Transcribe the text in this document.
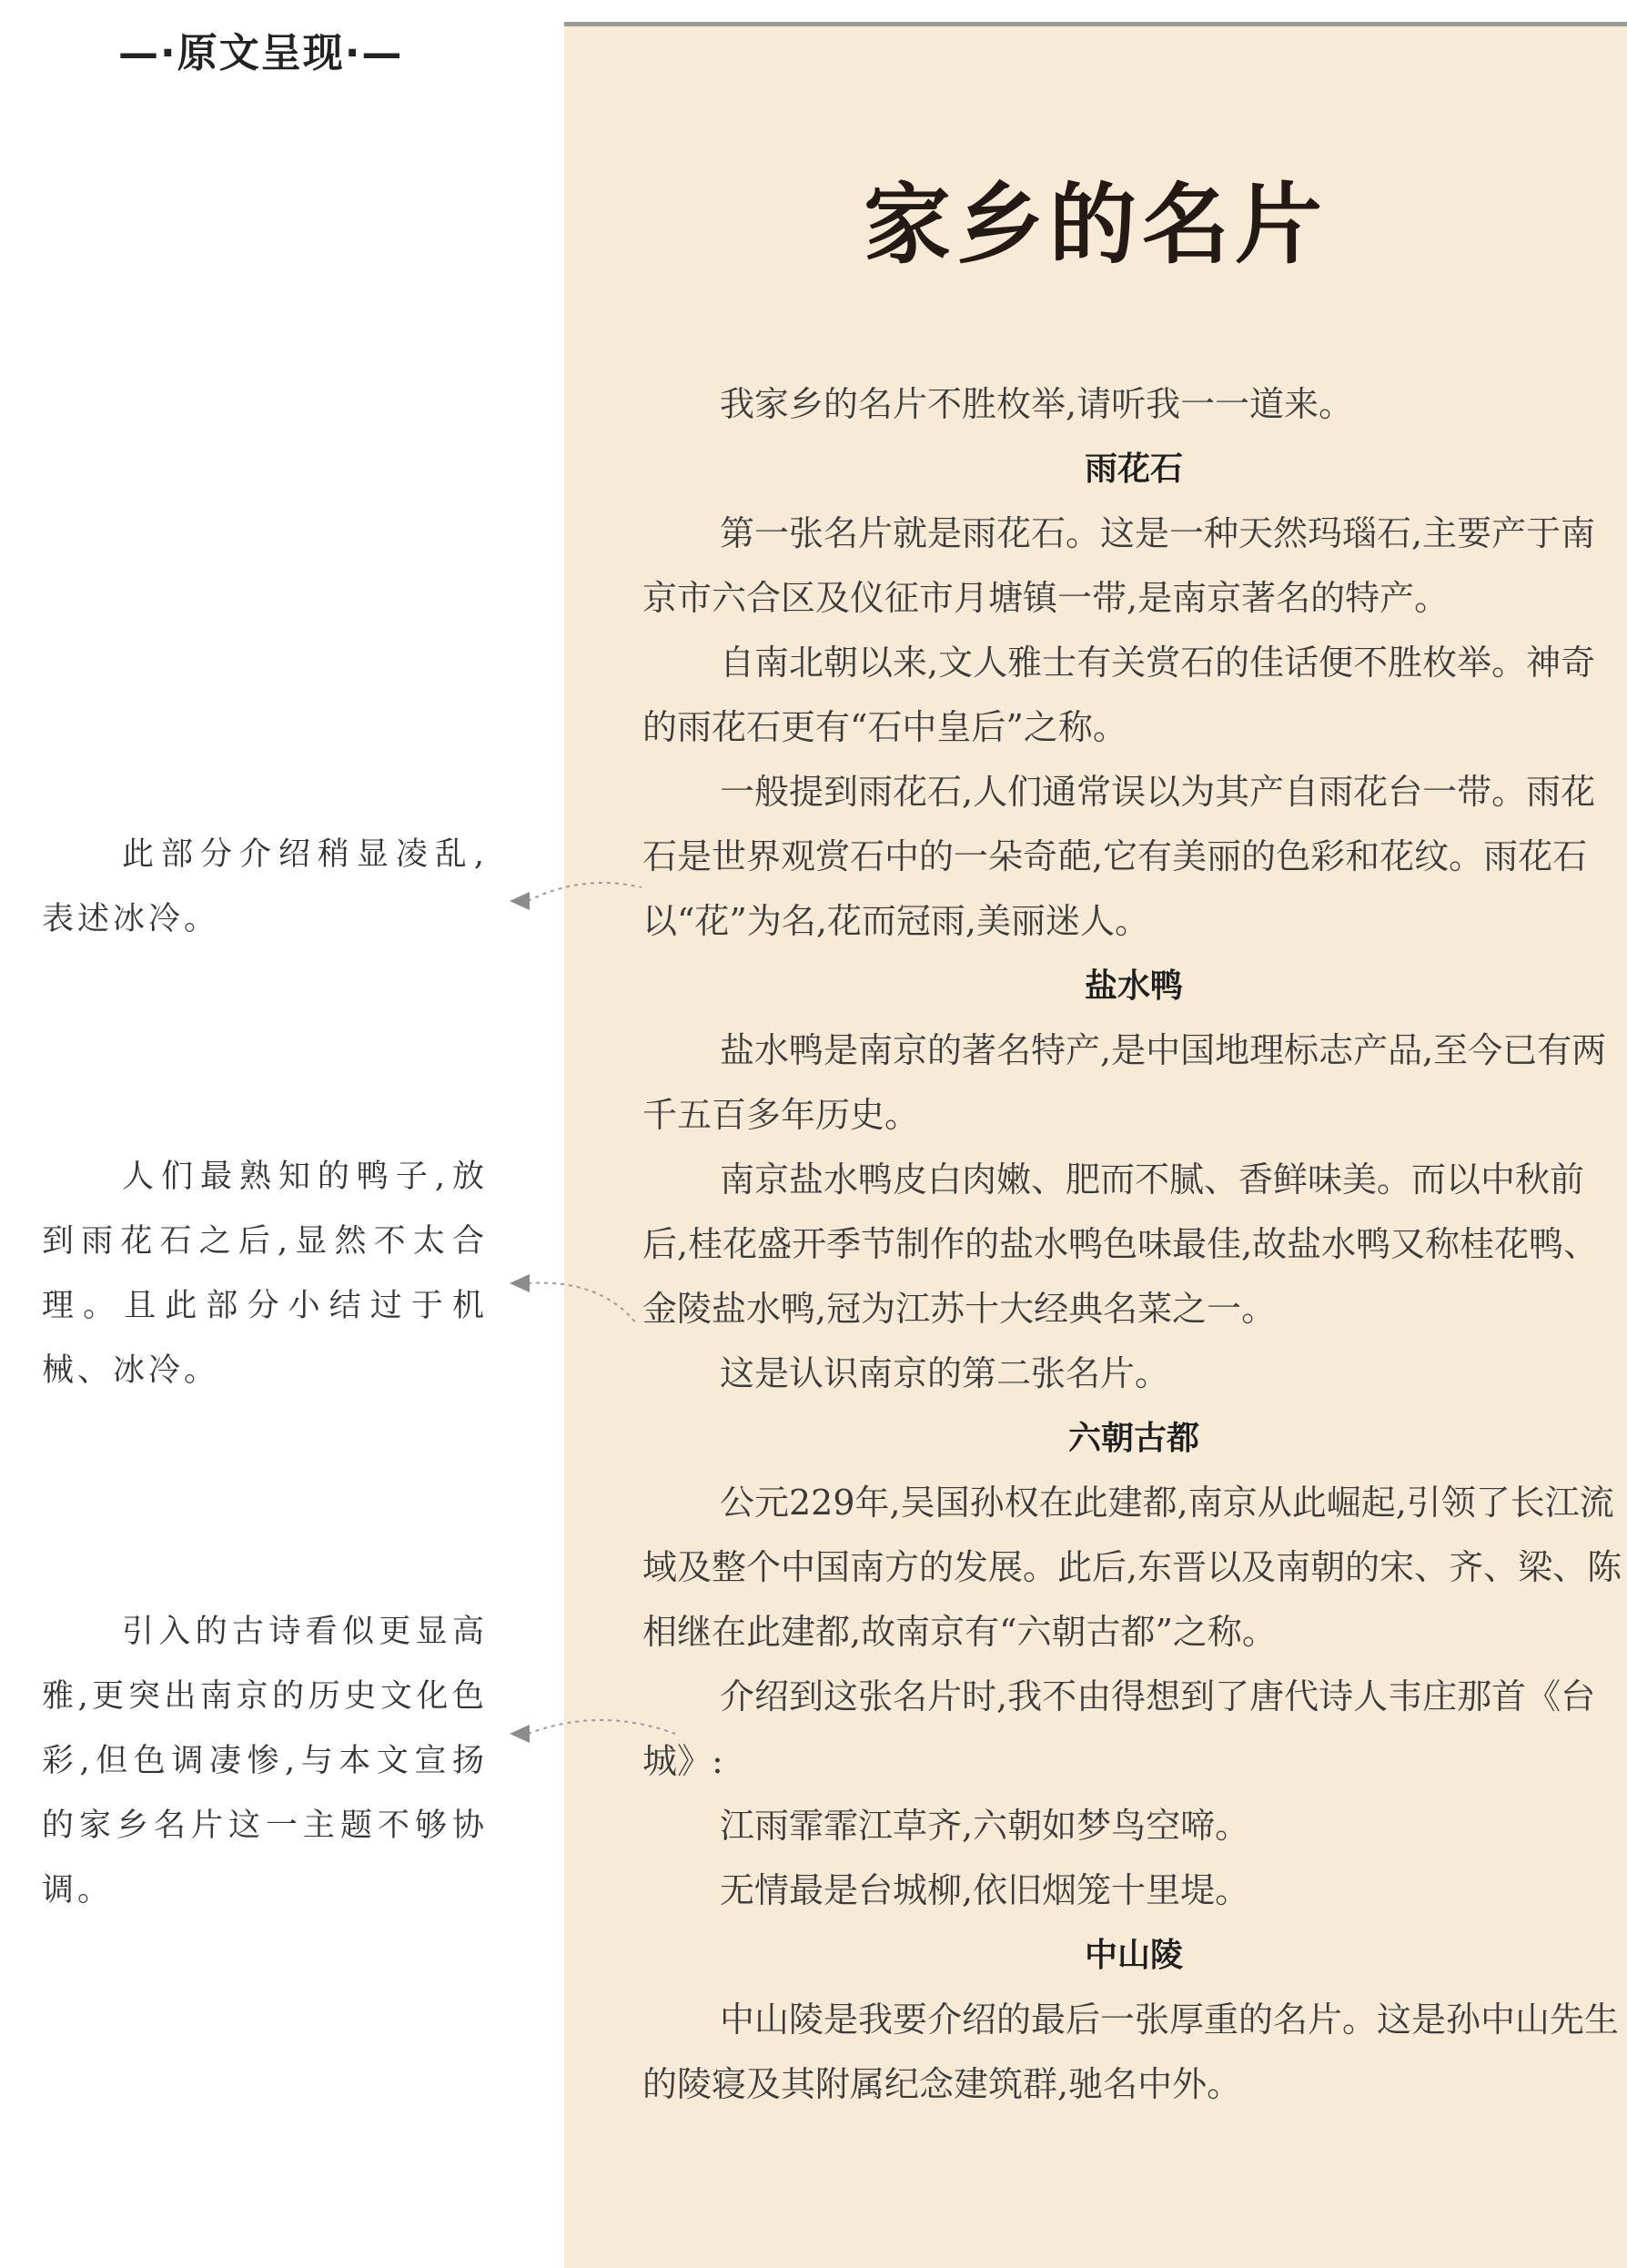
—·原文呈现·—
家乡的名片

我家乡的名片不胜枚举,请听我一一道来。

雨花石

第一张名片就是雨花石。这是一种天然玛瑙石,主要产于南京市六合区及仪征市月塘镇一带,是南京著名的特产。

自南北朝以来,文人雅士有关赏石的佳话便不胜枚举。神奇的雨花石更有“石中皇后”之称。

一般提到雨花石,人们通常误以为其产自雨花台一带。雨花石是世界观赏石中的一朵奇葩,它有美丽的色彩和花纹。雨花石以“花”为名,花而冠雨,美丽迷人。

盐水鸭

盐水鸭是南京的著名特产,是中国地理标志产品,至今已有两千五百多年历史。

南京盐水鸭皮白肉嫩、肥而不腻、香鲜味美。而以中秋前后,桂花盛开季节制作的盐水鸭色味最佳,故盐水鸭又称桂花鸭、金陵盐水鸭,冠为江苏十大经典名菜之一。

这是认识南京的第二张名片。

六朝古都

公元229年,吴国孙权在此建都,南京从此崛起,引领了长江流域及整个中国南方的发展。此后,东晋以及南朝的宋、齐、梁、陈相继在此建都,故南京有“六朝古都”之称。

介绍到这张名片时,我不由得想到了唐代诗人韦庄那首《台城》:

江雨霏霏江草齐,六朝如梦鸟空啼。

无情最是台城柳,依旧烟笼十里堤。

中山陵

中山陵是我要介绍的最后一张厚重的名片。这是孙中山先生的陵寝及其附属纪念建筑群,驰名中外。

此部分介绍稍显凌乱,表述冰冷。
人们最熟知的鸭子,放到雨花石之后,显然不太合理。且此部分小结过于机械、冰冷。
引入的古诗看似更显高雅,更突出南京的历史文化色彩,但色调凄惨,与本文宣扬的家乡名片这一主题不够协调。
